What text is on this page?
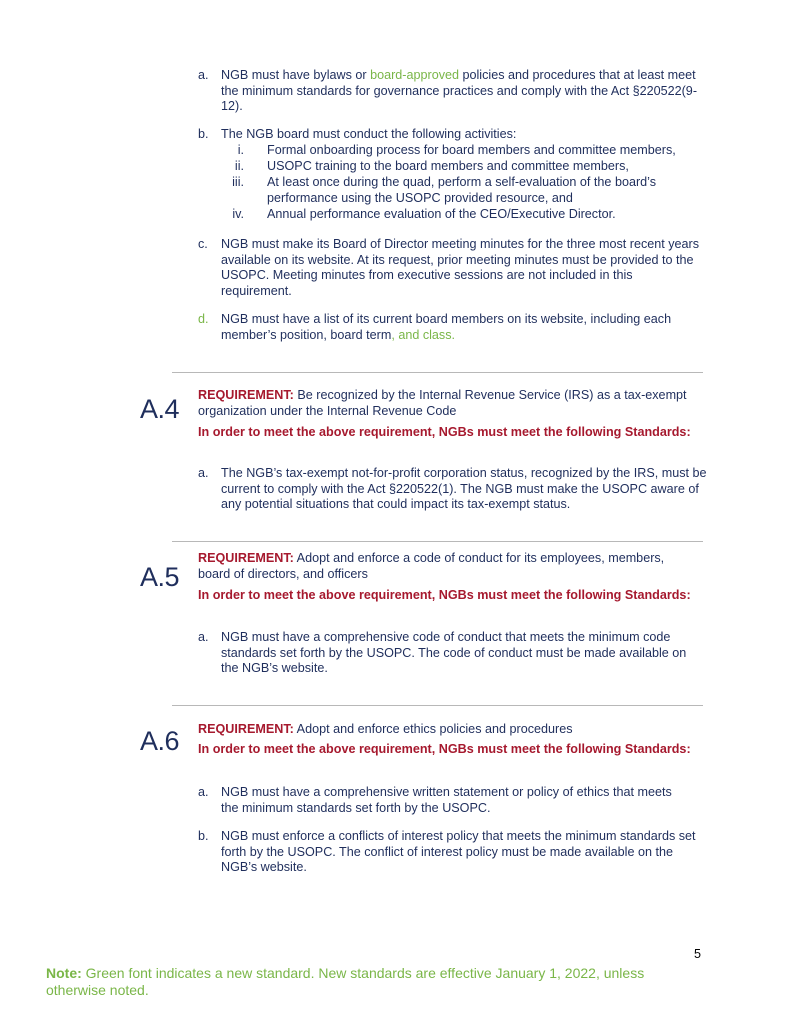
a. NGB must have bylaws or board-approved policies and procedures that at least meet the minimum standards for governance practices and comply with the Act §220522(9-12).
b. The NGB board must conduct the following activities:
i. Formal onboarding process for board members and committee members,
ii. USOPC training to the board members and committee members,
iii. At least once during the quad, perform a self-evaluation of the board’s performance using the USOPC provided resource, and
iv. Annual performance evaluation of the CEO/Executive Director.
c. NGB must make its Board of Director meeting minutes for the three most recent years available on its website. At its request, prior meeting minutes must be provided to the USOPC. Meeting minutes from executive sessions are not included in this requirement.
d. NGB must have a list of its current board members on its website, including each member’s position, board term, and class.
A.4 REQUIREMENT: Be recognized by the Internal Revenue Service (IRS) as a tax-exempt organization under the Internal Revenue Code
In order to meet the above requirement, NGBs must meet the following Standards:
a. The NGB’s tax-exempt not-for-profit corporation status, recognized by the IRS, must be current to comply with the Act §220522(1). The NGB must make the USOPC aware of any potential situations that could impact its tax-exempt status.
A.5
REQUIREMENT: Adopt and enforce a code of conduct for its employees, members, board of directors, and officers
In order to meet the above requirement, NGBs must meet the following Standards:
a. NGB must have a comprehensive code of conduct that meets the minimum code standards set forth by the USOPC. The code of conduct must be made available on the NGB’s website.
A.6 REQUIREMENT: Adopt and enforce ethics policies and procedures
In order to meet the above requirement, NGBs must meet the following Standards:
a. NGB must have a comprehensive written statement or policy of ethics that meets the minimum standards set forth by the USOPC.
b. NGB must enforce a conflicts of interest policy that meets the minimum standards set forth by the USOPC. The conflict of interest policy must be made available on the NGB’s website.
5
Note: Green font indicates a new standard. New standards are effective January 1, 2022, unless otherwise noted.
